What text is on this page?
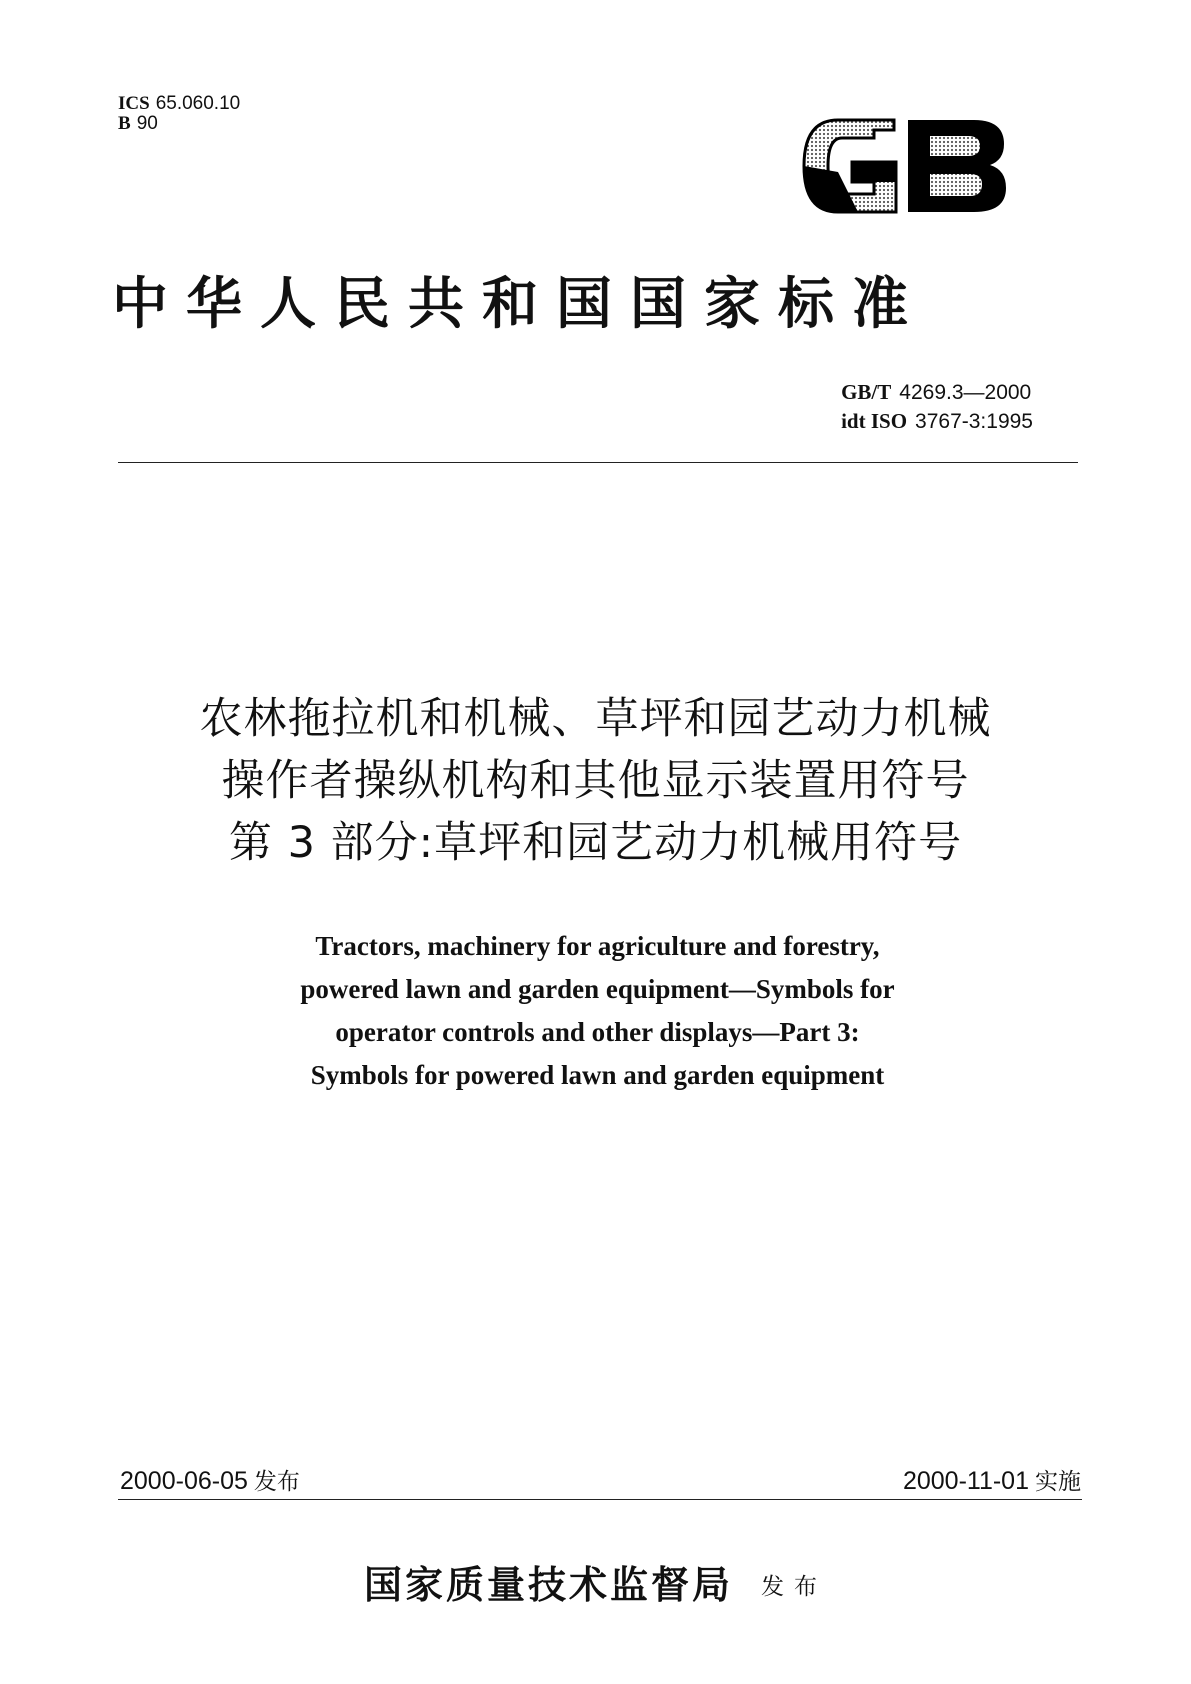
ICS 65.060.10
B 90
中华人民共和国国家标准
GB/T 4269.3—2000
idt ISO 3767-3:1995
农林拖拉机和机械、草坪和园艺动力机械
操作者操纵机构和其他显示装置用符号
第 3 部分:草坪和园艺动力机械用符号
Tractors, machinery for agriculture and forestry,
powered lawn and garden equipment—Symbols for
operator controls and other displays—Part 3:
Symbols for powered lawn and garden equipment
2000-06-05 发布	2000-11-01 实施
国家质量技术监督局 发布
